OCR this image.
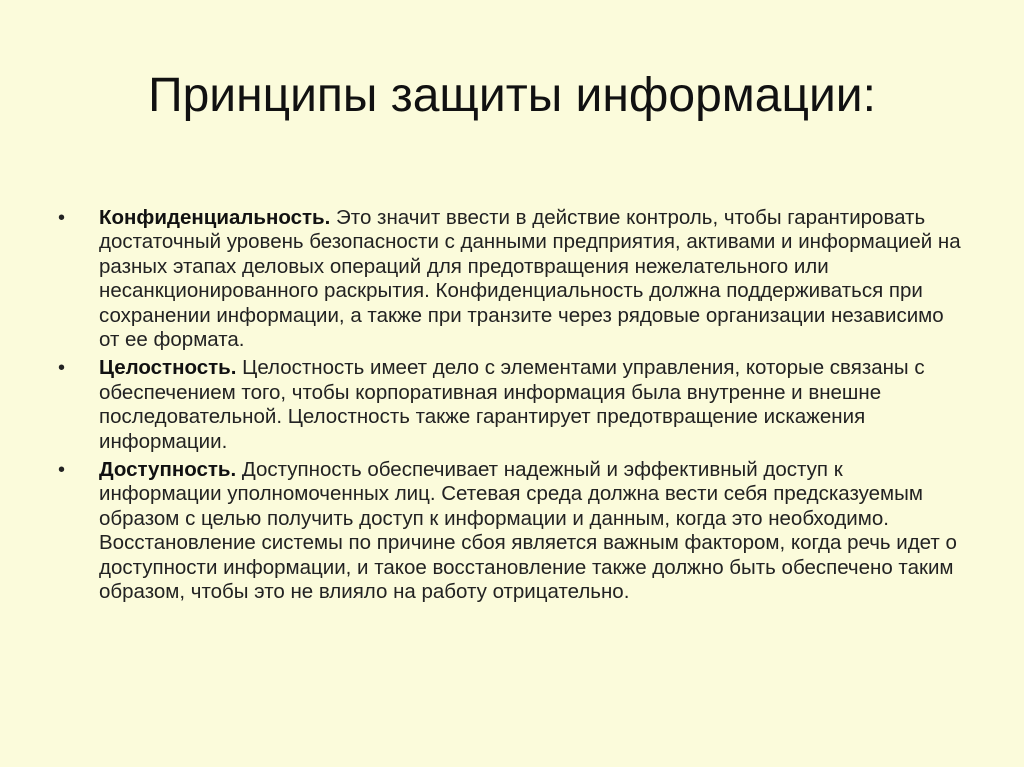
Принципы защиты информации:
•	Конфиденциальность. Это значит ввести в действие контроль, чтобы гарантировать достаточный уровень безопасности с данными предприятия, активами и информацией на разных этапах деловых операций для предотвращения нежелательного или несанкционированного раскрытия. Конфиденциальность должна поддерживаться при сохранении информации, а также при транзите через рядовые организации независимо от ее формата.
•	Целостность. Целостность имеет дело с элементами управления, которые связаны с обеспечением того, чтобы корпоративная информация была внутренне и внешне последовательной. Целостность также гарантирует предотвращение искажения информации.
•	Доступность. Доступность обеспечивает надежный и эффективный доступ к информации уполномоченных лиц. Сетевая среда должна вести себя предсказуемым образом с целью получить доступ к информации и данным, когда это необходимо. Восстановление системы по причине сбоя является важным фактором, когда речь идет о доступности информации, и такое восстановление также должно быть обеспечено таким образом, чтобы это не влияло на работу отрицательно.
